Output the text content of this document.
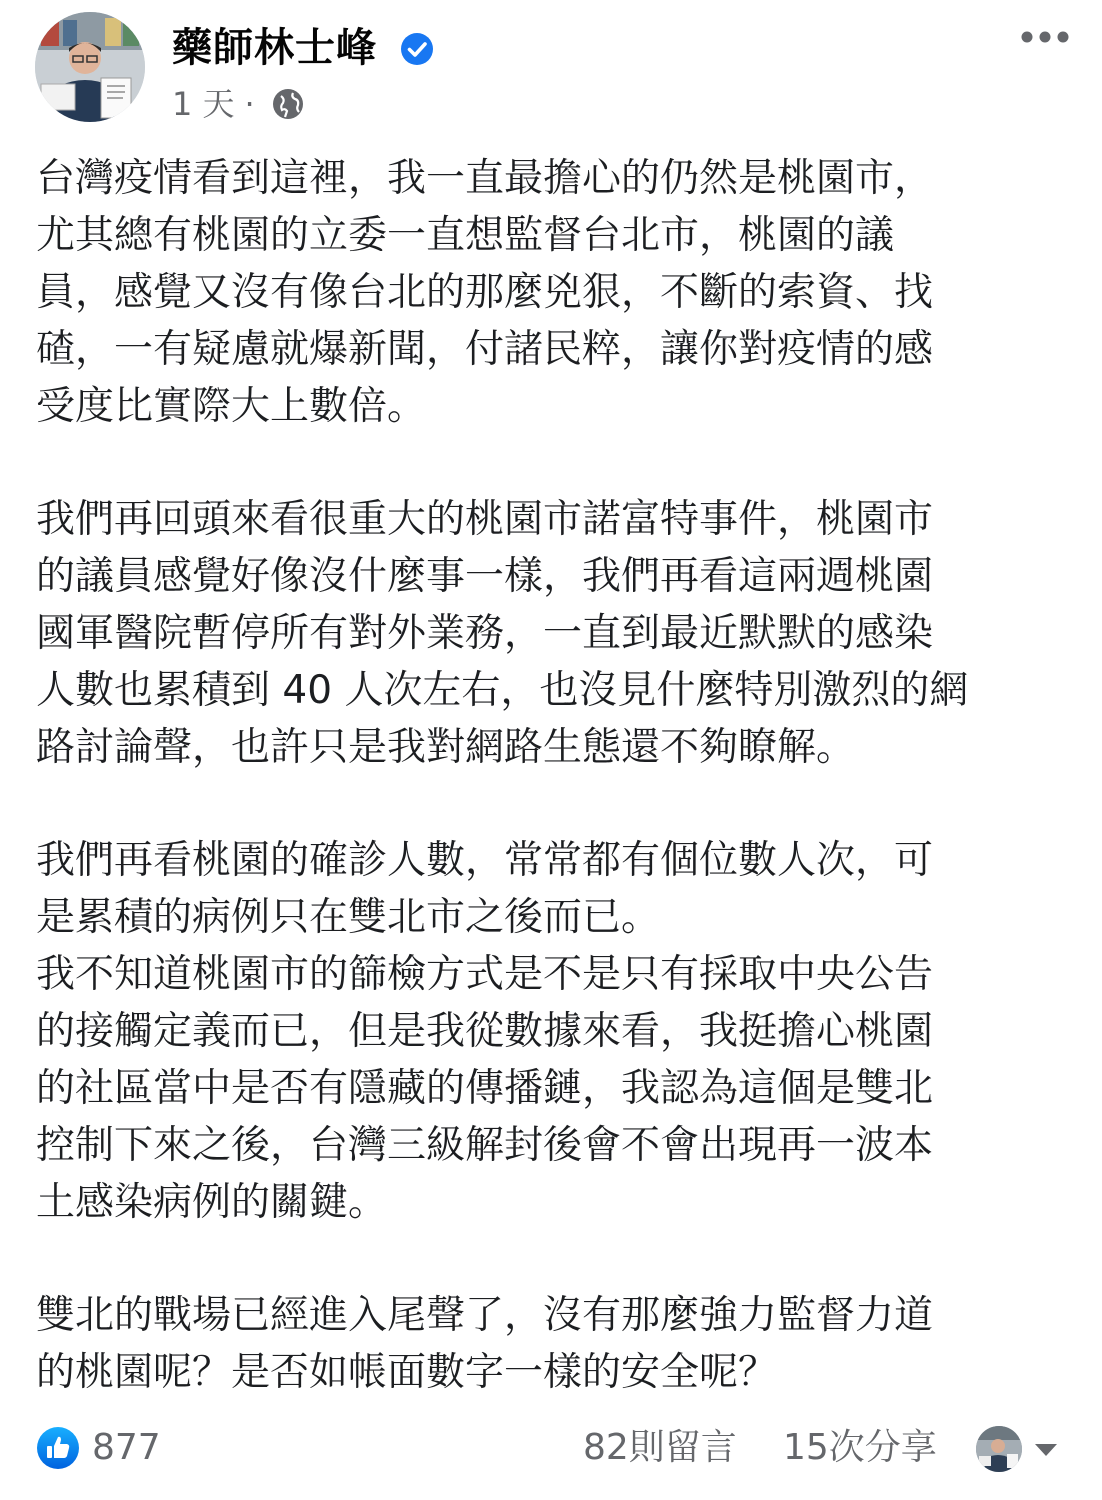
藥師林士峰
1 天 ·
台灣疫情看到這裡，我一直最擔心的仍然是桃園市，
尤其總有桃園的立委一直想監督台北市，桃園的議
員，感覺又沒有像台北的那麼兇狠，不斷的索資、找
碴，一有疑慮就爆新聞，付諸民粹，讓你對疫情的感
受度比實際大上數倍。
我們再回頭來看很重大的桃園市諾富特事件，桃園市
的議員感覺好像沒什麼事一樣，我們再看這兩週桃園
國軍醫院暫停所有對外業務，一直到最近默默的感染
人數也累積到 40 人次左右，也沒見什麼特別激烈的網
路討論聲，也許只是我對網路生態還不夠瞭解。
我們再看桃園的確診人數，常常都有個位數人次，可
是累積的病例只在雙北市之後而已。
我不知道桃園市的篩檢方式是不是只有採取中央公告
的接觸定義而已，但是我從數據來看，我挺擔心桃園
的社區當中是否有隱藏的傳播鏈，我認為這個是雙北
控制下來之後，台灣三級解封後會不會出現再一波本
土感染病例的關鍵。
雙北的戰場已經進入尾聲了，沒有那麼強力監督力道
的桃園呢？是否如帳面數字一樣的安全呢？
877	82則留言 15次分享
